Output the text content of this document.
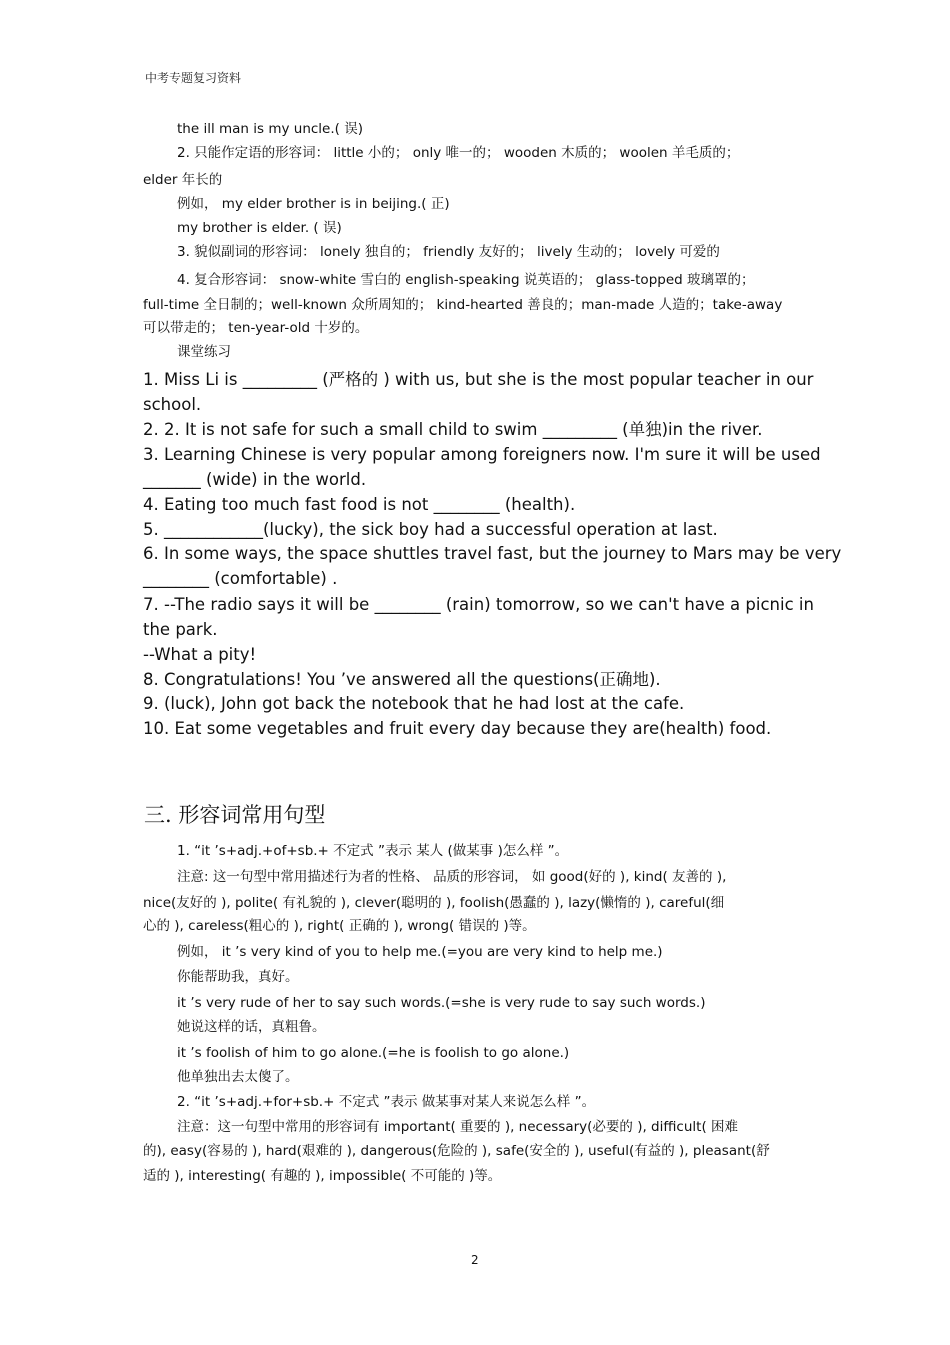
中考专题复习资料
the ill man is my uncle.( 误)
2. 只能作定语的形容词： little 小的； only 唯一的； wooden 木质的； woolen 羊毛质的；
elder 年长的
例如， my elder brother is in beijing.( 正)
my brother is elder. ( 误)
3. 貌似副词的形容词： lonely 独自的； friendly 友好的； lively 生动的； lovely 可爱的
4. 复合形容词： snow-white 雪白的 english-speaking 说英语的； glass-topped 玻璃罩的；
full-time 全日制的；well-known 众所周知的； kind-hearted 善良的；man-made 人造的；take-away
可以带走的； ten-year-old 十岁的。
课堂练习
1. Miss Li is _________ (严格的 ) with us, but she is the most popular teacher in our
school.
2. 2. It is not safe for such a small child to swim _________ (单独)in the river.
3. Learning Chinese is very popular among foreigners now. I'm sure it will be used
_______ (wide) in the world.
4. Eating too much fast food is not ________ (health).
5. ____________(lucky), the sick boy had a successful operation at last.
6. In some ways, the space shuttles travel fast, but the journey to Mars may be very
________ (comfortable) .
7. --The radio says it will be ________ (rain) tomorrow, so we can't have a picnic in
the park.
--What a pity!
8. Congratulations! You ’ve answered all the questions(正确地).
9. (luck), John got back the notebook that he had lost at the cafe.
10. Eat some vegetables and fruit every day because they are(health) food.
三. 形容词常用句型
1. “it ’s+adj.+of+sb.+ 不定式 ”表示 某人 (做某事 )怎么样 ”。
注意: 这一句型中常用描述行为者的性格、 品质的形容词， 如 good(好的 ), kind( 友善的 ),
nice(友好的 ), polite( 有礼貌的 ), clever(聪明的 ), foolish(愚蠢的 ), lazy(懒惰的 ), careful(细
心的 ), careless(粗心的 ), right( 正确的 ), wrong( 错误的 )等。
例如， it ’s very kind of you to help me.(=you are very kind to help me.)
你能帮助我，真好。
it ’s very rude of her to say such words.(=she is very rude to say such words.)
她说这样的话，真粗鲁。
it ’s foolish of him to go alone.(=he is foolish to go alone.)
他单独出去太傻了。
2. “it ’s+adj.+for+sb.+ 不定式 ”表示 做某事对某人来说怎么样 ”。
注意：这一句型中常用的形容词有 important( 重要的 ), necessary(必要的 ), difficult( 困难
的), easy(容易的 ), hard(艰难的 ), dangerous(危险的 ), safe(安全的 ), useful(有益的 ), pleasant(舒
适的 ), interesting( 有趣的 ), impossible( 不可能的 )等。
2
